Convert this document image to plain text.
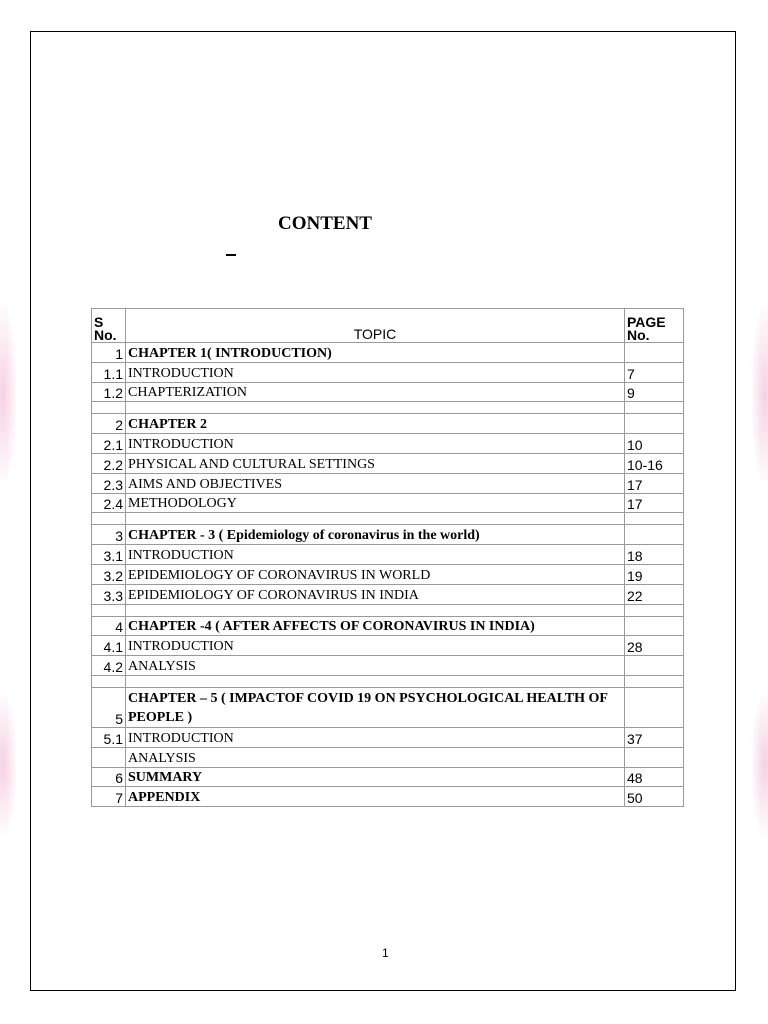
CONTENT
S No.	TOPIC	PAGE No.
1	CHAPTER 1( INTRODUCTION)	
1.1	INTRODUCTION	7
1.2	CHAPTERIZATION	9

2	CHAPTER 2	
2.1	INTRODUCTION	10
2.2	PHYSICAL AND CULTURAL SETTINGS	10-16
2.3	AIMS AND OBJECTIVES	17
2.4	METHODOLOGY	17

3	CHAPTER - 3 ( Epidemiology of coronavirus in the world)	
3.1	INTRODUCTION	18
3.2	EPIDEMIOLOGY OF CORONAVIRUS IN WORLD	19
3.3	EPIDEMIOLOGY OF CORONAVIRUS IN INDIA	22

4	CHAPTER -4 ( AFTER AFFECTS OF CORONAVIRUS IN INDIA)	
4.1	INTRODUCTION	28
4.2	ANALYSIS	

5	CHAPTER – 5 ( IMPACTOF COVID 19 ON PSYCHOLOGICAL HEALTH OF PEOPLE )	
5.1	INTRODUCTION	37
	ANALYSIS	
6	SUMMARY	48
7	APPENDIX	50
1
